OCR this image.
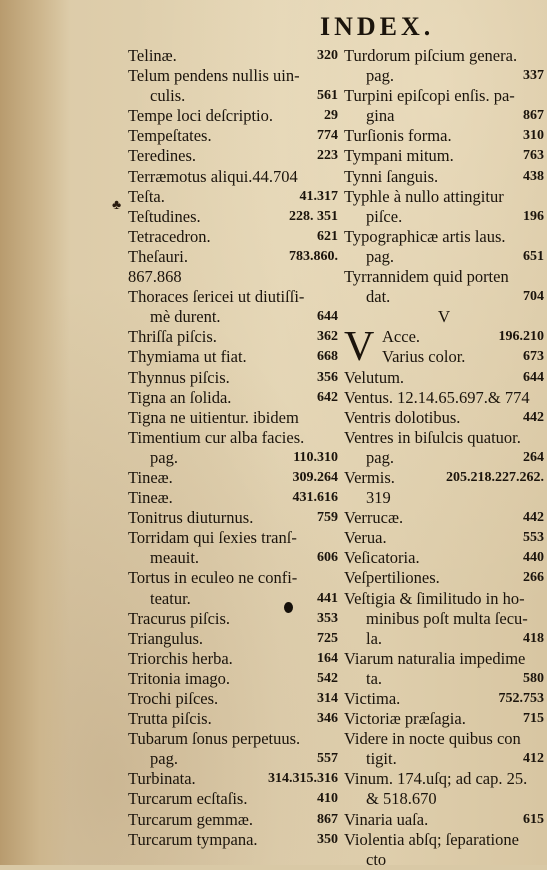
INDEX.
♣
Telinæ.	320
Telum pendens nullis uin-
culis.	561
Tempe loci deſcriptio.	29
Tempeſtates.	774
Teredines.	223
Terræmotus aliqui.44.704
Teſta.	41.317
Teſtudines.	228. 351
Tetracedron.	621
Theſauri.	783.860.
867.868
Thoraces ſericei ut diutiſſi-
mè durent.	644
Thriſſa piſcis.	362
Thymiama ut fiat.	668
Thynnus piſcis.	356
Tigna an ſolida.	642
Tigna ne uitientur. ibidem
Timentium cur alba facies.
pag.	110.310
Tineæ.	309.264
Tineæ.	431.616
Tonitrus diuturnus.	759
Torridam qui ſexies tranſ-
meauit.	606
Tortus in eculeo ne confi-
teatur.	441
Tracurus piſcis.	353
Triangulus.	725
Triorchis herba.	164
Tritonia imago.	542
Trochi piſces.	314
Trutta piſcis.	346
Tubarum ſonus perpetuus.
pag.	557
Turbinata.	314.315.316
Turcarum ecſtaſis.	410
Turcarum gemmæ.	867
Turcarum tympana.	350
Turdorum piſcium genera.
pag.	337
Turpini epiſcopi enſis. pa-
gina	867
Turſionis forma.	310
Tympani mitum.	763
Tynni ſanguis.	438
Typhle à nullo attingitur
piſce.	196
Typographicæ artis laus.
pag.	651
Tyrrannidem quid porten
dat.	704
V
V Acce.	196.210
Varius color.	673
Velutum.	644
Ventus. 12.14.65.697.& 774
Ventris dolotibus.	442
Ventres in biſulcis quatuor.
pag.	264
Vermis.	205.218.227.262.
319
Verrucæ.	442
Verua.	553
Veſicatoria.	440
Veſpertiliones.	266
Veſtigia & ſimilitudo in ho-
minibus poſt multa ſecu-
la.	418
Viarum naturalia impedime
ta.	580
Victima.	752.753
Victoriæ præſagia.	715
Videre in nocte quibus con
tigit.	412
Vinum. 174.uſq; ad cap. 25.
& 518.670
Vinaria uaſa.	615
Violentia abſq; ſeparatione
cto
